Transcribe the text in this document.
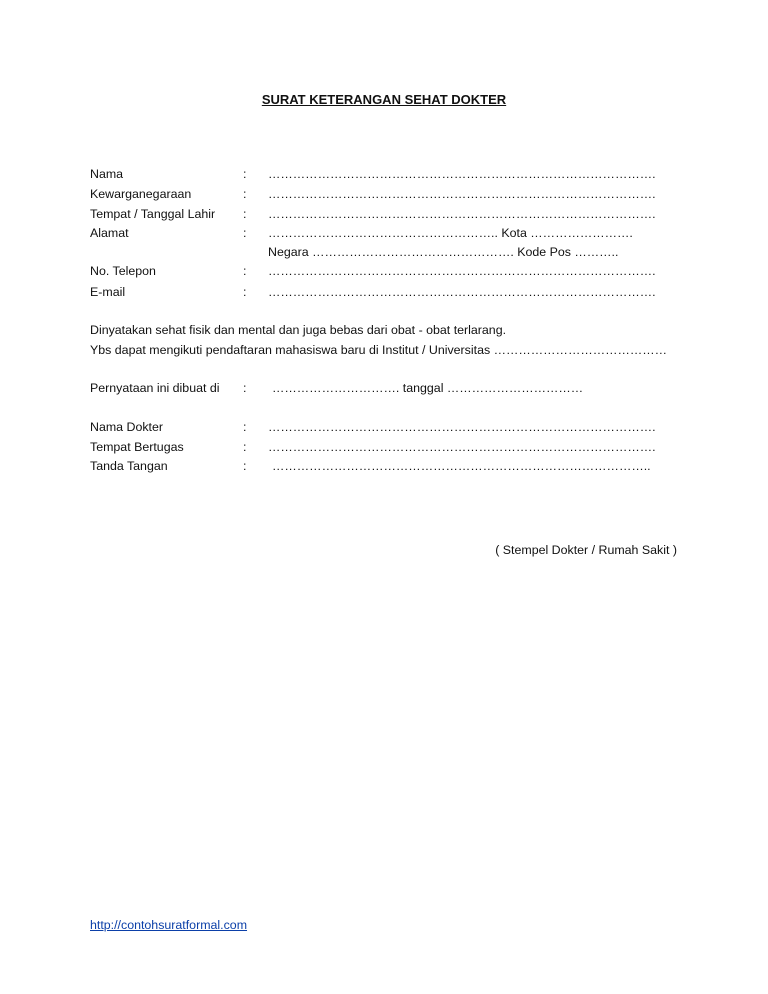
SURAT KETERANGAN SEHAT DOKTER
Nama	:	………………………………………………………………………………….
Kewarganegaraan	:	………………………………………………………………………………….
Tempat / Tanggal Lahir	:	………………………………………………………………………………….
Alamat	:	……………………………………………….. Kota …………………….
Negara …………………………………………. Kode Pos ………..
No. Telepon	:	………………………………………………………………………………….
E-mail	:	………………………………………………………………………………….
Dinyatakan sehat fisik dan mental dan juga bebas dari obat - obat terlarang.
Ybs dapat mengikuti pendaftaran mahasiswa baru di Institut / Universitas ……………………………………
Pernyataan ini dibuat di	:	…………………………. tanggal ……………………………
Nama Dokter	:	………………………………………………………………………………….
Tempat Bertugas	:	………………………………………………………………………………….
Tanda Tangan	:	………………………………………………………………………………..
( Stempel Dokter / Rumah Sakit )
http://contohsuratformal.com
